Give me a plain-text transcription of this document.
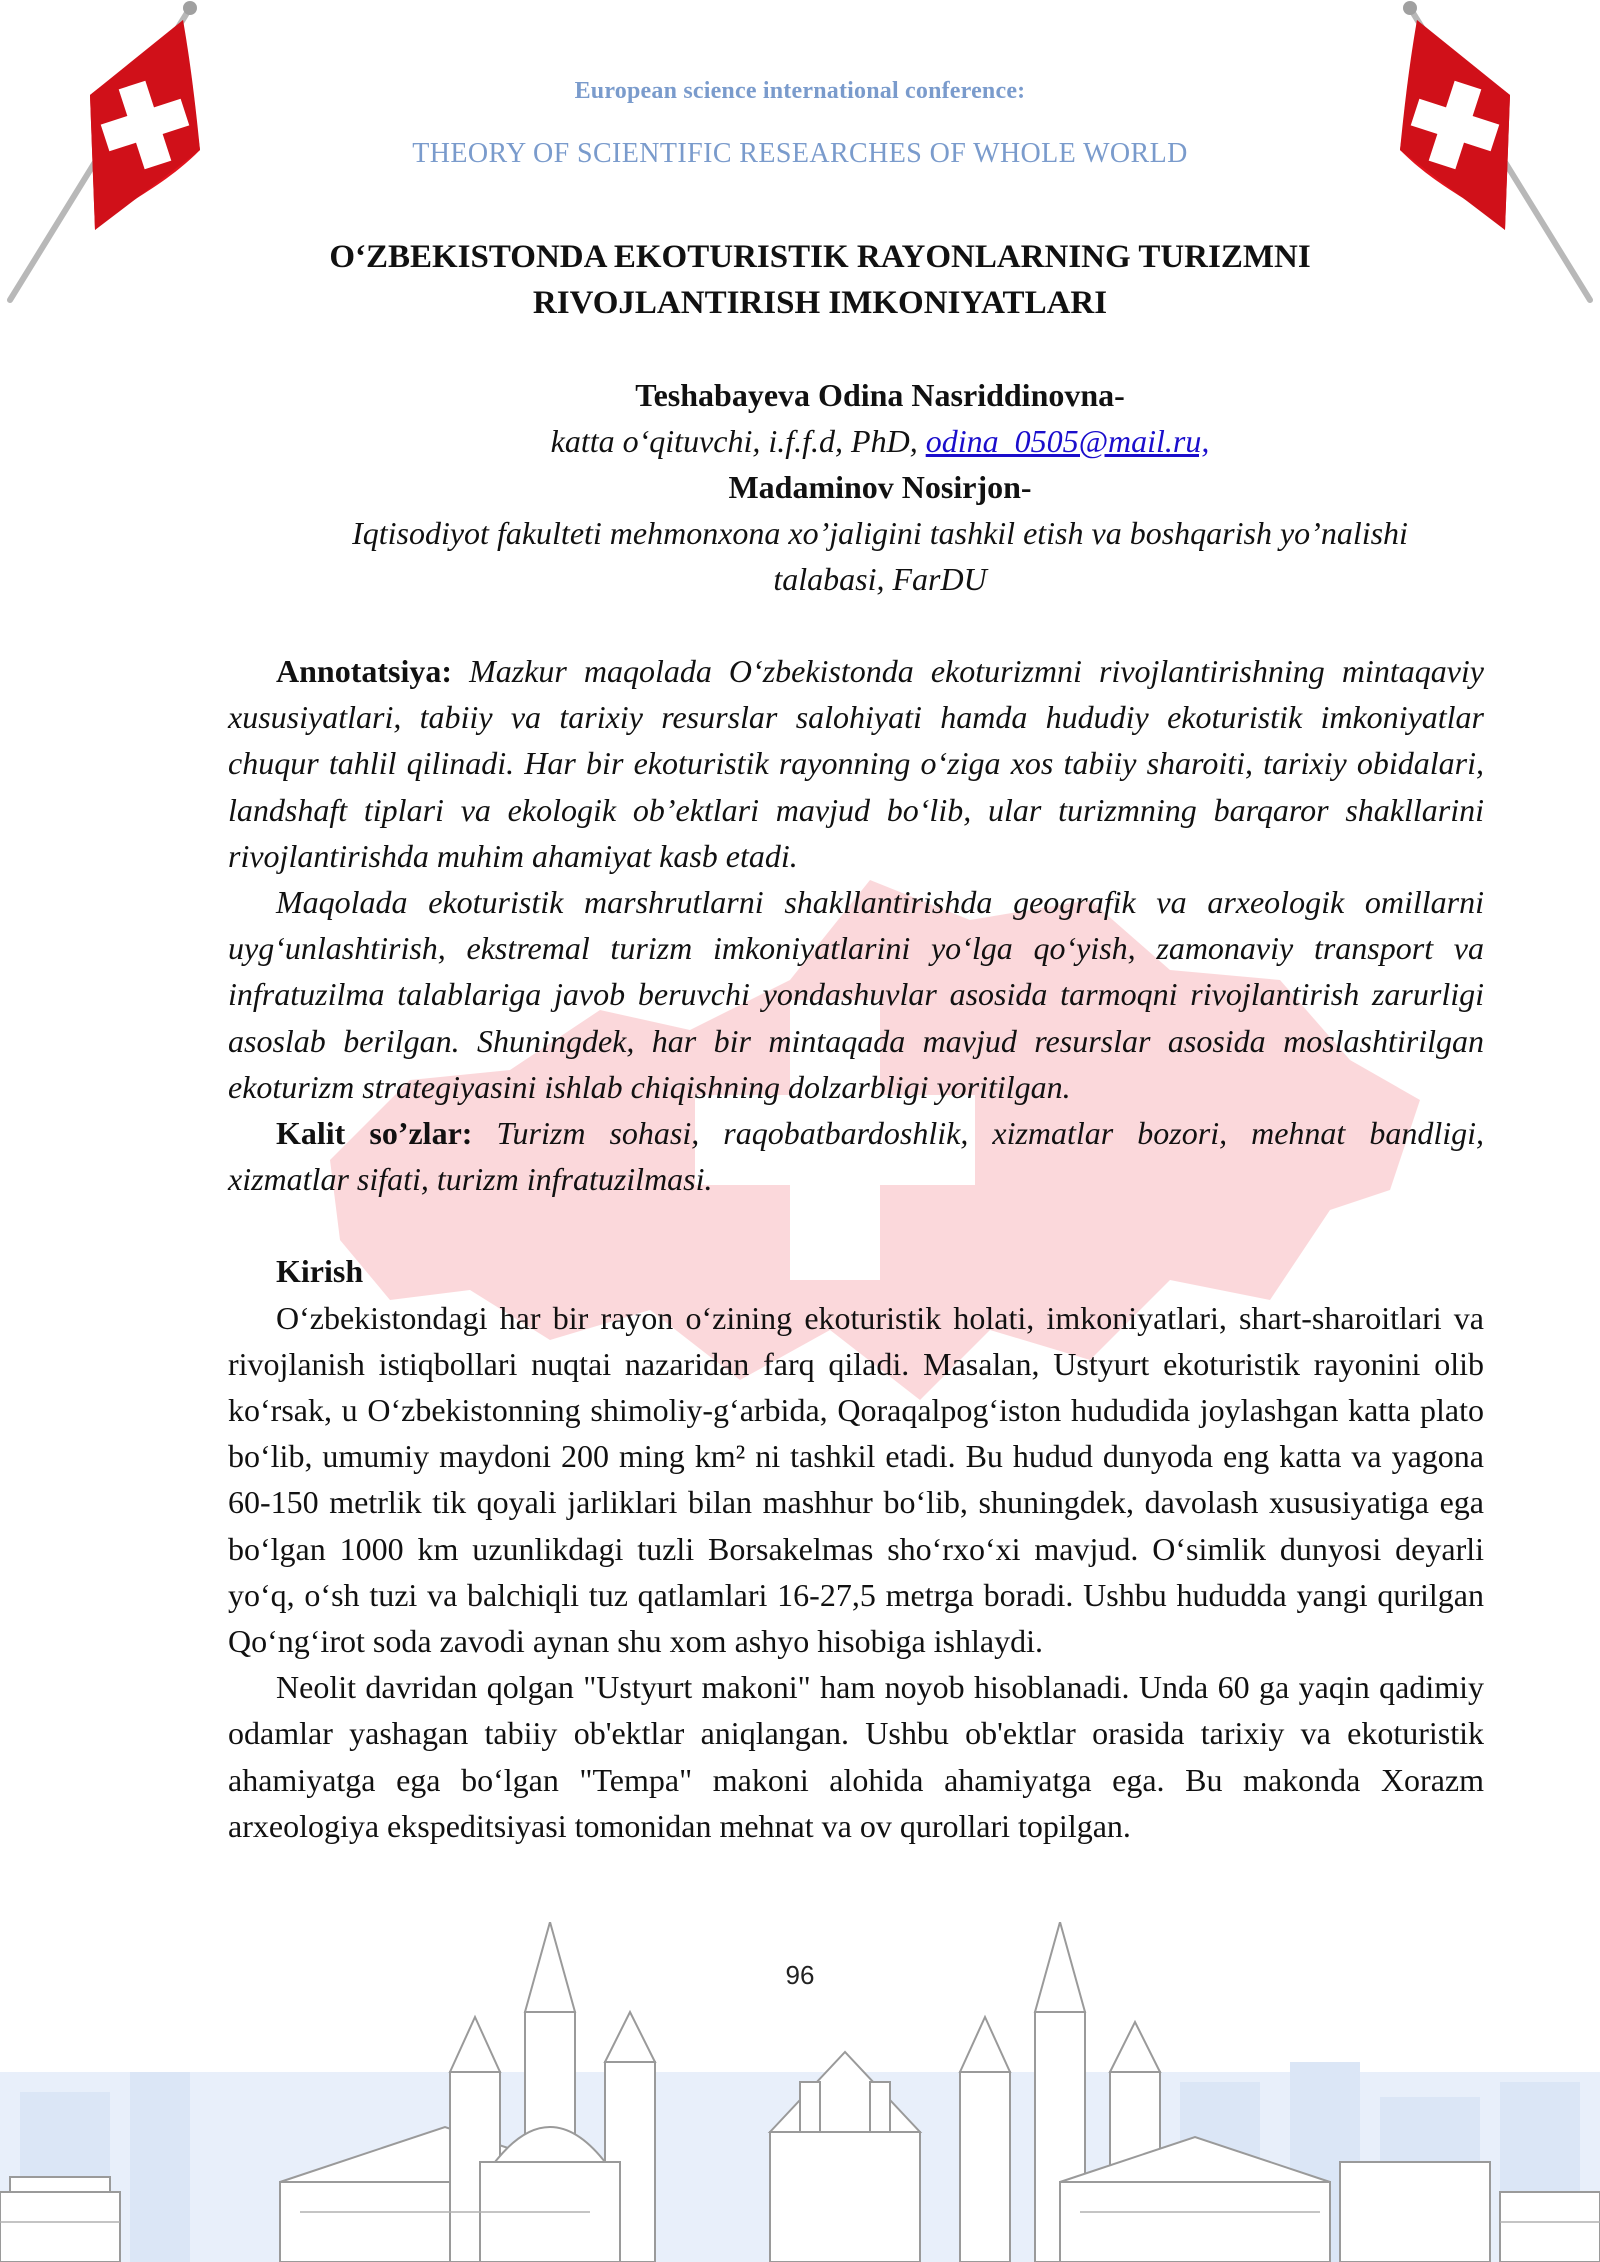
European science international conference:
THEORY OF SCIENTIFIC RESEARCHES OF WHOLE WORLD
O‘ZBEKISTONDA EKOTURISTIK RAYONLARNING TURIZMNI
RIVOJLANTIRISH IMKONIYATLARI
Teshabayeva Odina Nasriddinovna-
katta o‘qituvchi, i.f.f.d, PhD, odina_0505@mail.ru,
Madaminov Nosirjon-
Iqtisodiyot fakulteti mehmonxona xo’jaligini tashkil etish va boshqarish yo’nalishi
talabasi, FarDU

Annotatsiya: Mazkur maqolada O‘zbekistonda ekoturizmni rivojlantirishning mintaqaviy xususiyatlari, tabiiy va tarixiy resurslar salohiyati hamda hududiy ekoturistik imkoniyatlar chuqur tahlil qilinadi. Har bir ekoturistik rayonning o‘ziga xos tabiiy sharoiti, tarixiy obidalari, landshaft tiplari va ekologik ob’ektlari mavjud bo‘lib, ular turizmning barqaror shakllarini rivojlantirishda muhim ahamiyat kasb etadi.

Maqolada ekoturistik marshrutlarni shakllantirishda geografik va arxeologik omillarni uyg‘unlashtirish, ekstremal turizm imkoniyatlarini yo‘lga qo‘yish, zamonaviy transport va infratuzilma talablariga javob beruvchi yondashuvlar asosida tarmoqni rivojlantirish zarurligi asoslab berilgan. Shuningdek, har bir mintaqada mavjud resurslar asosida moslashtirilgan ekoturizm strategiyasini ishlab chiqishning dolzarbligi yoritilgan.

Kalit so’zlar: Turizm sohasi, raqobatbardoshlik, xizmatlar bozori, mehnat bandligi, xizmatlar sifati, turizm infratuzilmasi.

Kirish

O‘zbekistondagi har bir rayon o‘zining ekoturistik holati, imkoniyatlari, shart-sharoitlari va rivojlanish istiqbollari nuqtai nazaridan farq qiladi. Masalan, Ustyurt ekoturistik rayonini olib ko‘rsak, u O‘zbekistonning shimoliy-g‘arbida, Qoraqalpog‘iston hududida joylashgan katta plato bo‘lib, umumiy maydoni 200 ming km² ni tashkil etadi. Bu hudud dunyoda eng katta va yagona 60-150 metrlik tik qoyali jarliklari bilan mashhur bo‘lib, shuningdek, davolash xususiyatiga ega bo‘lgan 1000 km uzunlikdagi tuzli Borsakelmas sho‘rxo‘xi mavjud. O‘simlik dunyosi deyarli yo‘q, o‘sh tuzi va balchiqli tuz qatlamlari 16-27,5 metrga boradi. Ushbu hududda yangi qurilgan Qo‘ng‘irot soda zavodi aynan shu xom ashyo hisobiga ishlaydi.

Neolit davridan qolgan "Ustyurt makoni" ham noyob hisoblanadi. Unda 60 ga yaqin qadimiy odamlar yashagan tabiiy ob'ektlar aniqlangan. Ushbu ob'ektlar orasida tarixiy va ekoturistik ahamiyatga ega bo‘lgan "Tempa" makoni alohida ahamiyatga ega. Bu makonda Xorazm arxeologiya ekspeditsiyasi tomonidan mehnat va ov qurollari topilgan.

96
